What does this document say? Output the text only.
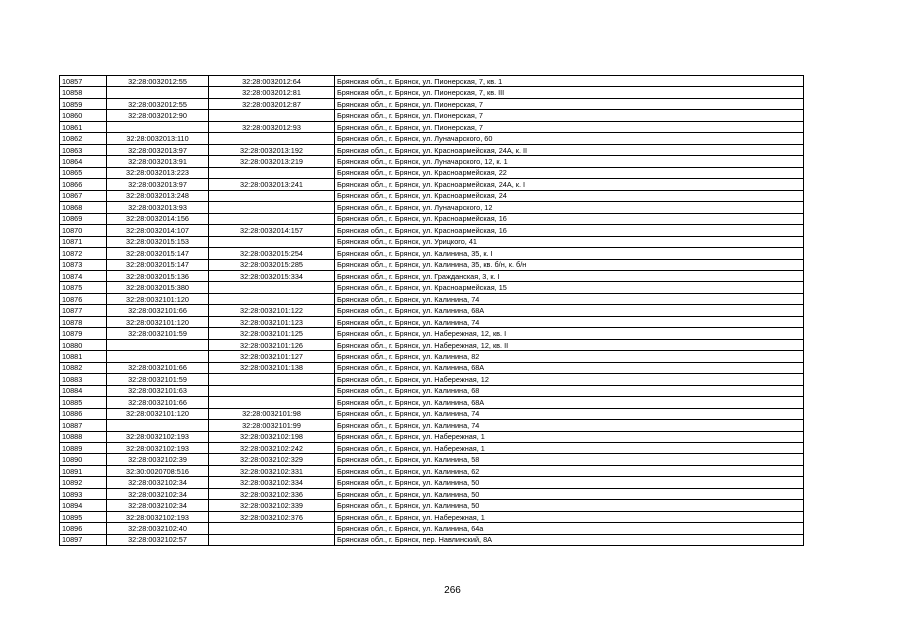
10857	32:28:0032012:55	32:28:0032012:64	Брянская обл., г. Брянск, ул. Пионерская, 7, кв. 1
10858		32:28:0032012:81	Брянская обл., г. Брянск, ул. Пионерская, 7, кв. III
10859	32:28:0032012:55	32:28:0032012:87	Брянская обл., г. Брянск, ул. Пионерская, 7
10860	32:28:0032012:90		Брянская обл., г. Брянск, ул. Пионерская, 7
10861		32:28:0032012:93	Брянская обл., г. Брянск, ул. Пионерская, 7
10862	32:28:0032013:110		Брянская обл., г. Брянск, ул. Луначарского, 60
10863	32:28:0032013:97	32:28:0032013:192	Брянская обл., г. Брянск, ул. Красноармейская, 24А, к. II
10864	32:28:0032013:91	32:28:0032013:219	Брянская обл., г. Брянск, ул. Луначарского, 12, к. 1
10865	32:28:0032013:223		Брянская обл., г. Брянск, ул. Красноармейская, 22
10866	32:28:0032013:97	32:28:0032013:241	Брянская обл., г. Брянск, ул. Красноармейская, 24А, к. I
10867	32:28:0032013:248		Брянская обл., г. Брянск, ул. Красноармейская, 24
10868	32:28:0032013:93		Брянская обл., г. Брянск, ул. Луначарского, 12
10869	32:28:0032014:156		Брянская обл., г. Брянск, ул. Красноармейская, 16
10870	32:28:0032014:107	32:28:0032014:157	Брянская обл., г. Брянск, ул. Красноармейская, 16
10871	32:28:0032015:153		Брянская обл., г. Брянск, ул. Урицкого, 41
10872	32:28:0032015:147	32:28:0032015:254	Брянская обл., г. Брянск, ул. Калинина, 35, к. I
10873	32:28:0032015:147	32:28:0032015:285	Брянская обл., г. Брянск, ул. Калинина, 35, кв. б/н, к. б/н
10874	32:28:0032015:136	32:28:0032015:334	Брянская обл., г. Брянск, ул. Гражданская, 3, к. I
10875	32:28:0032015:380		Брянская обл., г. Брянск, ул. Красноармейская, 15
10876	32:28:0032101:120		Брянская обл., г. Брянск, ул. Калинина, 74
10877	32:28:0032101:66	32:28:0032101:122	Брянская обл., г. Брянск, ул. Калинина, 68А
10878	32:28:0032101:120	32:28:0032101:123	Брянская обл., г. Брянск, ул. Калинина, 74
10879	32:28:0032101:59	32:28:0032101:125	Брянская обл., г. Брянск, ул. Набережная, 12, кв. I
10880		32:28:0032101:126	Брянская обл., г. Брянск, ул. Набережная, 12, кв. II
10881		32:28:0032101:127	Брянская обл., г. Брянск, ул. Калинина, 82
10882	32:28:0032101:66	32:28:0032101:138	Брянская обл., г. Брянск, ул. Калинина, 68А
10883	32:28:0032101:59		Брянская обл., г. Брянск, ул. Набережная, 12
10884	32:28:0032101:63		Брянская обл., г. Брянск, ул. Калинина, 68
10885	32:28:0032101:66		Брянская обл., г. Брянск, ул. Калинина, 68А
10886	32:28:0032101:120	32:28:0032101:98	Брянская обл., г. Брянск, ул. Калинина, 74
10887		32:28:0032101:99	Брянская обл., г. Брянск, ул. Калинина, 74
10888	32:28:0032102:193	32:28:0032102:198	Брянская обл., г. Брянск, ул. Набережная, 1
10889	32:28:0032102:193	32:28:0032102:242	Брянская обл., г. Брянск, ул. Набережная, 1
10890	32:28:0032102:39	32:28:0032102:329	Брянская обл., г. Брянск, ул. Калинина, 58
10891	32:30:0020708:516	32:28:0032102:331	Брянская обл., г. Брянск, ул. Калинина, 62
10892	32:28:0032102:34	32:28:0032102:334	Брянская обл., г. Брянск, ул. Калинина, 50
10893	32:28:0032102:34	32:28:0032102:336	Брянская обл., г. Брянск, ул. Калинина, 50
10894	32:28:0032102:34	32:28:0032102:339	Брянская обл., г. Брянск, ул. Калинина, 50
10895	32:28:0032102:193	32:28:0032102:376	Брянская обл., г. Брянск, ул. Набережная, 1
10896	32:28:0032102:40		Брянская обл., г. Брянск, ул. Калинина, 64а
10897	32:28:0032102:57		Брянская обл., г. Брянск, пер. Навлинский, 8А
266
